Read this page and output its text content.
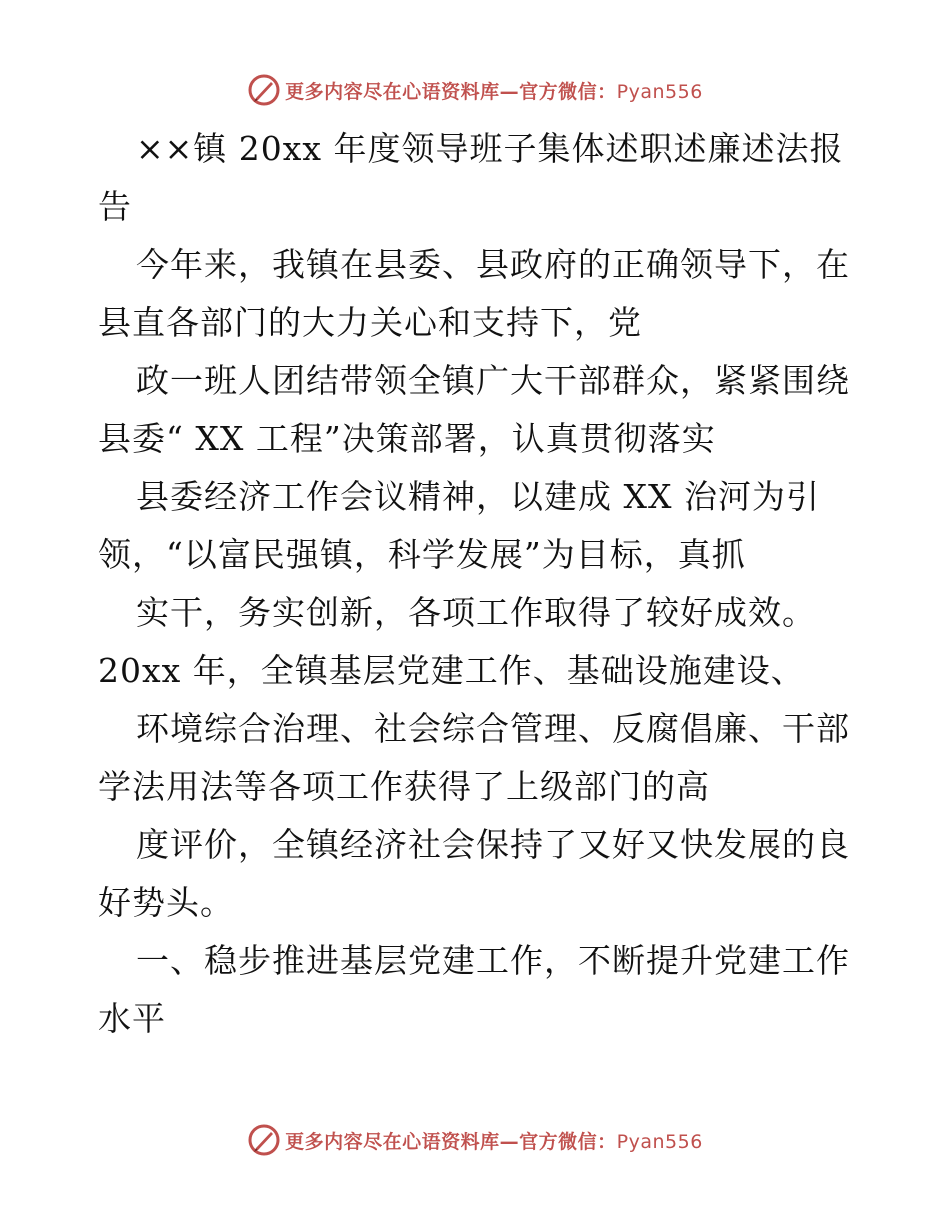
更多内容尽在心语资料库—官方微信：Pyan556
××镇 20xx 年度领导班子集体述职述廉述法报
告
今年来，我镇在县委、县政府的正确领导下，在
县直各部门的大力关心和支持下，党
政一班人团结带领全镇广大干部群众，紧紧围绕
县委“ XX 工程”决策部署，认真贯彻落实
县委经济工作会议精神，以建成 XX 治河为引
领，“以富民强镇，科学发展”为目标，真抓
实干，务实创新，各项工作取得了较好成效。
20xx 年，全镇基层党建工作、基础设施建设、
环境综合治理、社会综合管理、反腐倡廉、干部
学法用法等各项工作获得了上级部门的高
度评价，全镇经济社会保持了又好又快发展的良
好势头。
一、稳步推进基层党建工作，不断提升党建工作
水平
更多内容尽在心语资料库—官方微信：Pyan556
